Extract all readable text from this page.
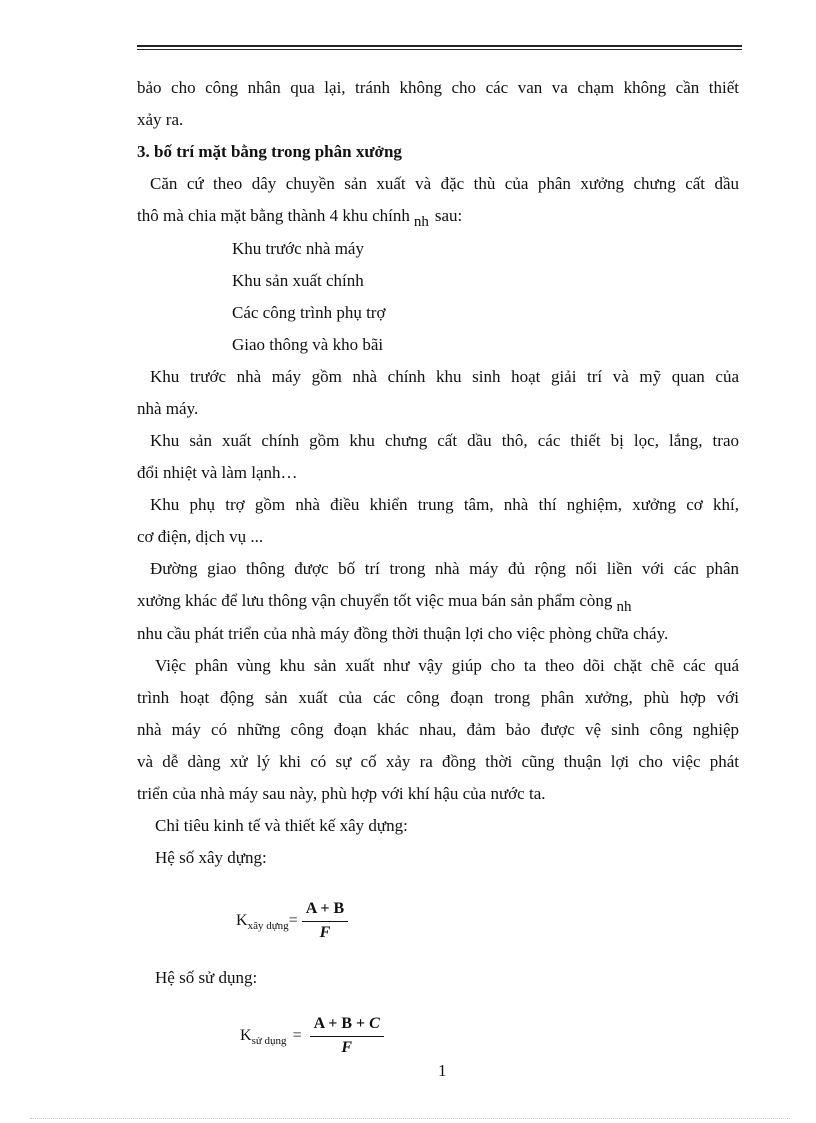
bảo cho công nhân qua lại, tránh không cho các van va chạm không cần thiết

xảy ra.

3. bố trí mặt bằng trong phân xưởng

Căn cứ theo dây chuyền sản xuất và đặc thù của phân xưởng chưng cất dầu

thô mà chia mặt bằng thành 4 khu chính nh sau:

Khu trước nhà máy

Khu sản xuất chính

Các công trình phụ trợ

Giao thông và kho bãi

Khu trước nhà máy gồm nhà chính khu sinh hoạt giải trí và mỹ quan của

nhà máy.

Khu sản xuất chính gồm khu chưng cất dầu thô, các thiết bị lọc, lắng, trao

đổi nhiệt và làm lạnh…

Khu phụ trợ gồm nhà điều khiển trung tâm, nhà thí nghiệm, xưởng cơ khí,

cơ điện, dịch vụ ...

Đường giao thông được bố trí trong nhà máy đủ rộng nối liền với các phân

xưởng khác để lưu thông vận chuyển tốt việc mua bán sản phẩm còng nh

nhu cầu phát triển của nhà máy đồng thời thuận lợi cho việc phòng chữa cháy.

Việc phân vùng khu sản xuất như vậy giúp cho ta theo dõi chặt chẽ các quá

trình hoạt động sản xuất của các công đoạn trong phân xưởng, phù hợp với

nhà máy có những công đoạn khác nhau, đảm bảo được vệ sinh công nghiệp

và dễ dàng xử lý khi có sự cố xảy ra đồng thời cũng thuận lợi cho việc phát

triển của nhà máy sau này, phù hợp với khí hậu của nước ta.

Chỉ tiêu kinh tế và thiết kế xây dựng:

Hệ số xây dựng:

K xây dựng = $\frac{A + B}{F}$

Hệ số sử dụng:

K sử dụng = $\frac{A + B + C}{F}$
1
